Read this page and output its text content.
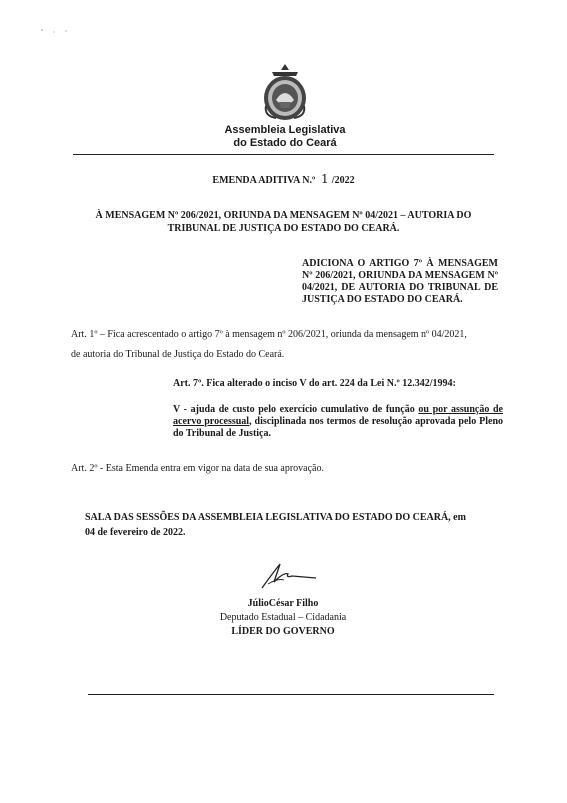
Assembleia Legislativa
do Estado do Ceará
EMENDA ADITIVA N.º 1 /2022
À MENSAGEM Nº 206/2021, ORIUNDA DA MENSAGEM Nº 04/2021 – AUTORIA DO
TRIBUNAL DE JUSTIÇA DO ESTADO DO CEARÁ.
ADICIONA O ARTIGO 7º À MENSAGEM Nº 206/2021, ORIUNDA DA MENSAGEM Nº 04/2021, DE AUTORIA DO TRIBUNAL DE JUSTIÇA DO ESTADO DO CEARÁ.
Art. 1º – Fica acrescentado o artigo 7º à mensagem nº 206/2021, oriunda da mensagem nº 04/2021,
de autoria do Tribunal de Justiça do Estado do Ceará.
Art. 7º. Fica alterado o inciso V do art. 224 da Lei N.º 12.342/1994:
V - ajuda de custo pelo exercício cumulativo de função ou por assunção de acervo processual, disciplinada nos termos de resolução aprovada pelo Pleno do Tribunal de Justiça.
Art. 2º - Esta Emenda entra em vigor na data de sua aprovação.
SALA DAS SESSÕES DA ASSEMBLEIA LEGISLATIVA DO ESTADO DO CEARÁ, em
04 de fevereiro de 2022.
JúlioCésar Filho
Deputado Estadual – Cidadania
LÍDER DO GOVERNO
